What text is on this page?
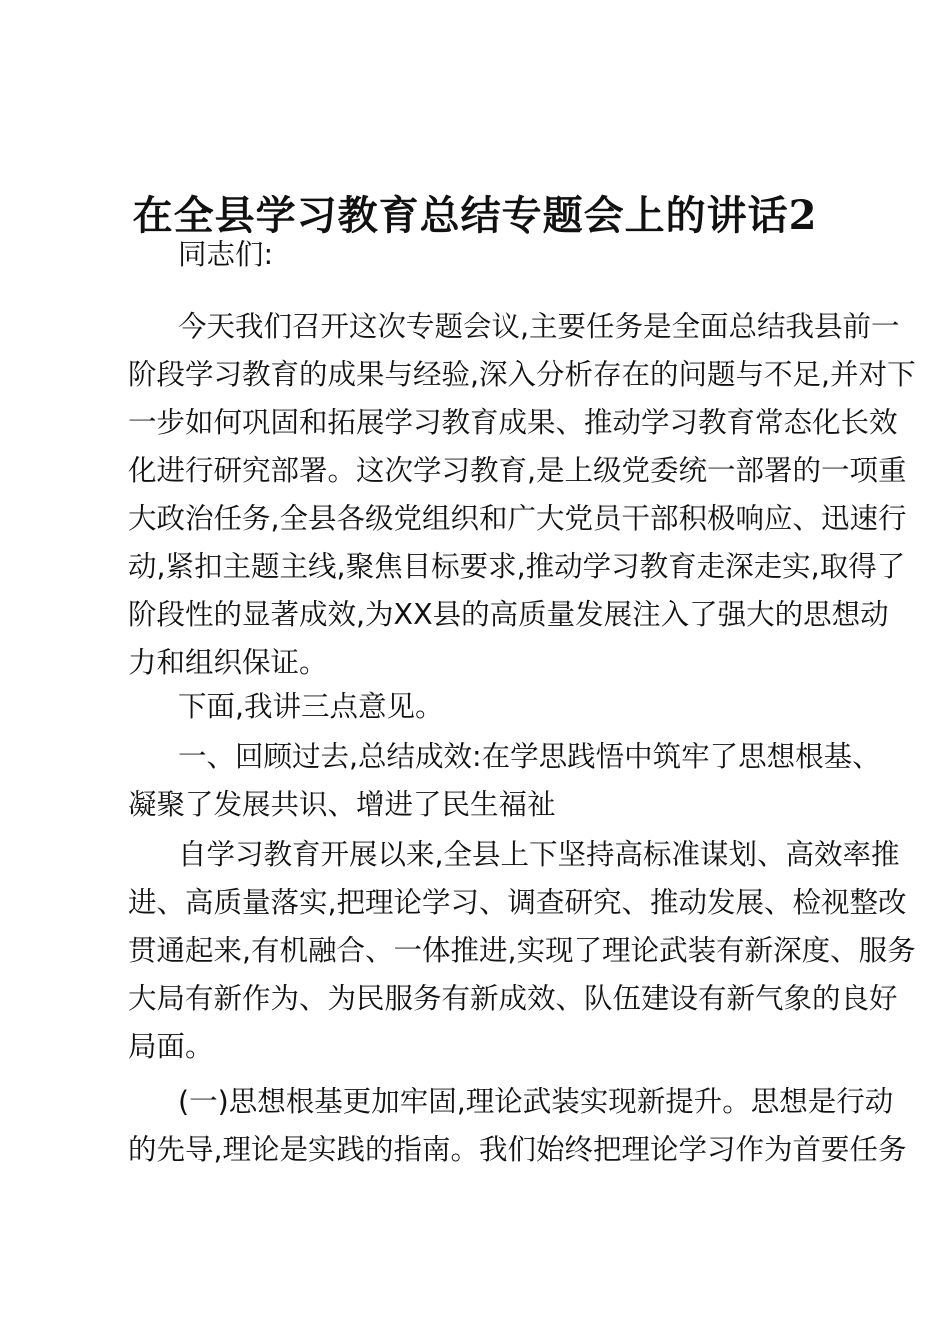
在全县学习教育总结专题会上的讲话2
同志们:
今天我们召开这次专题会议,主要任务是全面总结我县前一
阶段学习教育的成果与经验,深入分析存在的问题与不足,并对下
一步如何巩固和拓展学习教育成果、推动学习教育常态化长效
化进行研究部署。这次学习教育,是上级党委统一部署的一项重
大政治任务,全县各级党组织和广大党员干部积极响应、迅速行
动,紧扣主题主线,聚焦目标要求,推动学习教育走深走实,取得了
阶段性的显著成效,为XX县的高质量发展注入了强大的思想动
力和组织保证。
下面,我讲三点意见。
一、回顾过去,总结成效:在学思践悟中筑牢了思想根基、
凝聚了发展共识、增进了民生福祉
自学习教育开展以来,全县上下坚持高标准谋划、高效率推
进、高质量落实,把理论学习、调查研究、推动发展、检视整改
贯通起来,有机融合、一体推进,实现了理论武装有新深度、服务
大局有新作为、为民服务有新成效、队伍建设有新气象的良好
局面。
(一)思想根基更加牢固,理论武装实现新提升。思想是行动
的先导,理论是实践的指南。我们始终把理论学习作为首要任务
